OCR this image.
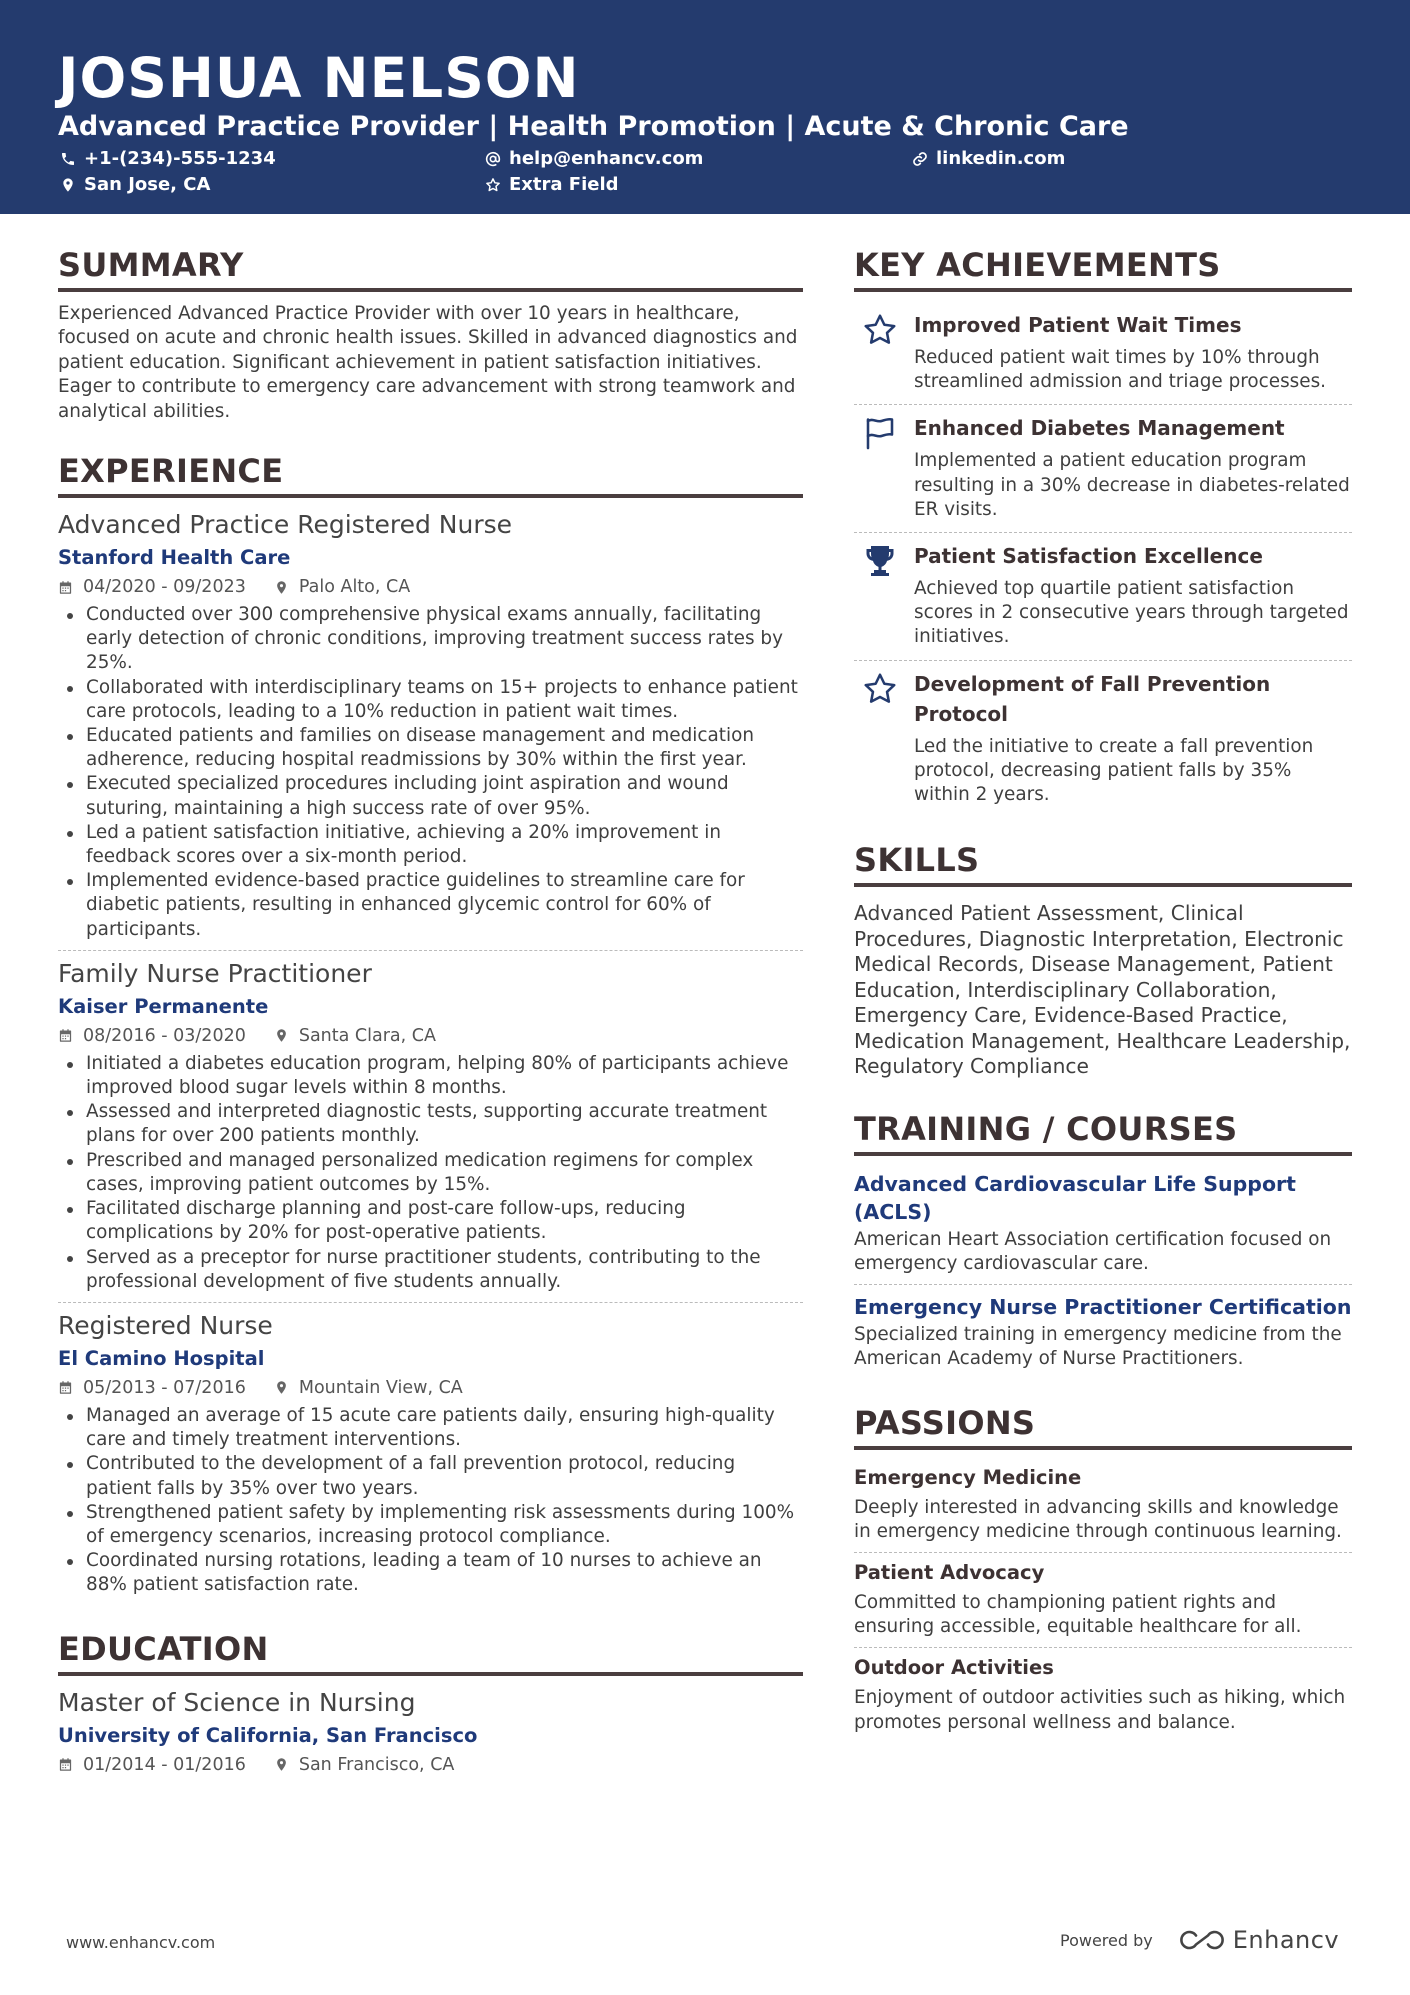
JOSHUA NELSON
Advanced Practice Provider | Health Promotion | Acute & Chronic Care
+1-(234)-555-1234	help@enhancv.com	linkedin.com
San Jose, CA	Extra Field
SUMMARY
Experienced Advanced Practice Provider with over 10 years in healthcare, focused on acute and chronic health issues. Skilled in advanced diagnostics and patient education. Significant achievement in patient satisfaction initiatives. Eager to contribute to emergency care advancement with strong teamwork and analytical abilities.
EXPERIENCE
Advanced Practice Registered Nurse
Stanford Health Care
04/2020 - 09/2023	Palo Alto, CA
Conducted over 300 comprehensive physical exams annually, facilitating early detection of chronic conditions, improving treatment success rates by 25%.
Collaborated with interdisciplinary teams on 15+ projects to enhance patient care protocols, leading to a 10% reduction in patient wait times.
Educated patients and families on disease management and medication adherence, reducing hospital readmissions by 30% within the first year.
Executed specialized procedures including joint aspiration and wound suturing, maintaining a high success rate of over 95%.
Led a patient satisfaction initiative, achieving a 20% improvement in feedback scores over a six-month period.
Implemented evidence-based practice guidelines to streamline care for diabetic patients, resulting in enhanced glycemic control for 60% of participants.
Family Nurse Practitioner
Kaiser Permanente
08/2016 - 03/2020	Santa Clara, CA
Initiated a diabetes education program, helping 80% of participants achieve improved blood sugar levels within 8 months.
Assessed and interpreted diagnostic tests, supporting accurate treatment plans for over 200 patients monthly.
Prescribed and managed personalized medication regimens for complex cases, improving patient outcomes by 15%.
Facilitated discharge planning and post-care follow-ups, reducing complications by 20% for post-operative patients.
Served as a preceptor for nurse practitioner students, contributing to the professional development of five students annually.
Registered Nurse
El Camino Hospital
05/2013 - 07/2016	Mountain View, CA
Managed an average of 15 acute care patients daily, ensuring high-quality care and timely treatment interventions.
Contributed to the development of a fall prevention protocol, reducing patient falls by 35% over two years.
Strengthened patient safety by implementing risk assessments during 100% of emergency scenarios, increasing protocol compliance.
Coordinated nursing rotations, leading a team of 10 nurses to achieve an 88% patient satisfaction rate.
EDUCATION
Master of Science in Nursing
University of California, San Francisco
01/2014 - 01/2016	San Francisco, CA
KEY ACHIEVEMENTS
Improved Patient Wait Times
Reduced patient wait times by 10% through streamlined admission and triage processes.
Enhanced Diabetes Management
Implemented a patient education program resulting in a 30% decrease in diabetes-related ER visits.
Patient Satisfaction Excellence
Achieved top quartile patient satisfaction scores in 2 consecutive years through targeted initiatives.
Development of Fall Prevention Protocol
Led the initiative to create a fall prevention protocol, decreasing patient falls by 35% within 2 years.
SKILLS
Advanced Patient Assessment, Clinical Procedures, Diagnostic Interpretation, Electronic Medical Records, Disease Management, Patient Education, Interdisciplinary Collaboration, Emergency Care, Evidence-Based Practice, Medication Management, Healthcare Leadership, Regulatory Compliance
TRAINING / COURSES
Advanced Cardiovascular Life Support (ACLS)
American Heart Association certification focused on emergency cardiovascular care.
Emergency Nurse Practitioner Certification
Specialized training in emergency medicine from the American Academy of Nurse Practitioners.
PASSIONS
Emergency Medicine
Deeply interested in advancing skills and knowledge in emergency medicine through continuous learning.
Patient Advocacy
Committed to championing patient rights and ensuring accessible, equitable healthcare for all.
Outdoor Activities
Enjoyment of outdoor activities such as hiking, which promotes personal wellness and balance.
www.enhancv.com	Powered by	Enhancv
